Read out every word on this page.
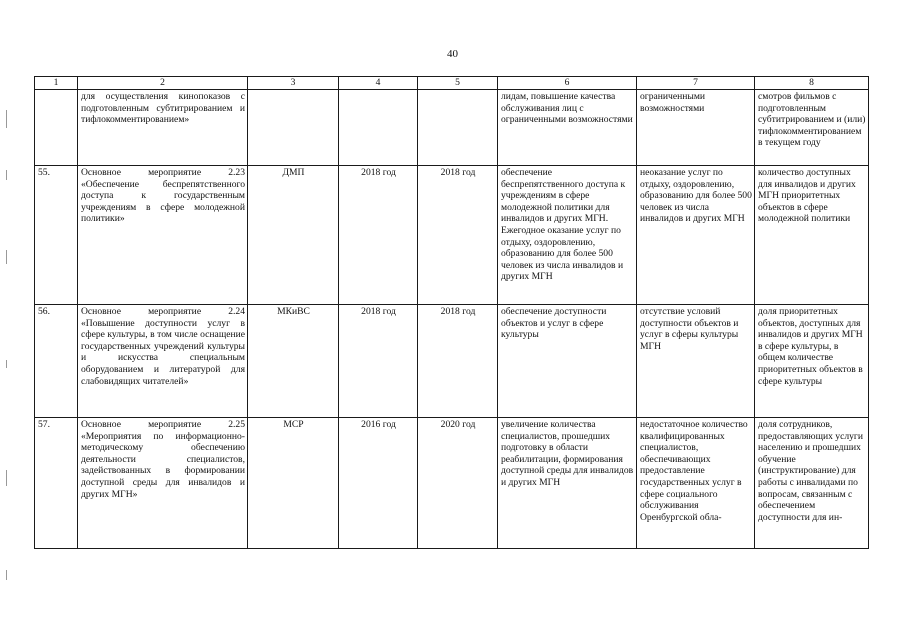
40
1	2	3	4	5	6	7	8
	для осуществления кинопоказов с подготовленным субтитрированием и тифлокомментированием»				лидам, повышение качества обслуживания лиц с ограниченными возможностями	ограниченными возможностями	смотров фильмов с подготовленным субтитрированием и (или) тифлокомментированием в текущем году
55.	Основное мероприятие 2.23 «Обеспечение беспрепятственного доступа к государственным учреждениям в сфере молодежной политики»	ДМП	2018 год	2018 год	обеспечение беспрепятственного доступа к учреждениям в сфере молодежной политики для инвалидов и других МГН. Ежегодное оказание услуг по отдыху, оздоровлению, образованию для более 500 человек из числа инвалидов и других МГН	неоказание услуг по отдыху, оздоровлению, образованию для более 500 человек из числа инвалидов и других МГН	количество доступных для инвалидов и других МГН приоритетных объектов в сфере молодежной политики
56.	Основное мероприятие 2.24 «Повышение доступности услуг в сфере культуры, в том числе оснащение государственных учреждений культуры и искусства специальным оборудованием и литературой для слабовидящих читателей»	МКиВС	2018 год	2018 год	обеспечение доступности объектов и услуг в сфере культуры	отсутствие условий доступности объектов и услуг в сферы культуры МГН	доля приоритетных объектов, доступных для инвалидов и других МГН в сфере культуры, в общем количестве приоритетных объектов в сфере культуры
57.	Основное мероприятие 2.25 «Мероприятия по информационно-методическому обеспечению деятельности специалистов, задействованных в формировании доступной среды для инвалидов и других МГН»	МСР	2016 год	2020 год	увеличение количества специалистов, прошедших подготовку в области реабилитации, формирования доступной среды для инвалидов и других МГН	недостаточное количество квалифицированных специалистов, обеспечивающих предоставление государственных услуг в сфере социального обслуживания Оренбургской обла-	доля сотрудников, предоставляющих услуги населению и прошедших обучение (инструктирование) для работы с инвалидами по вопросам, связанным с обеспечением доступности для ин-
